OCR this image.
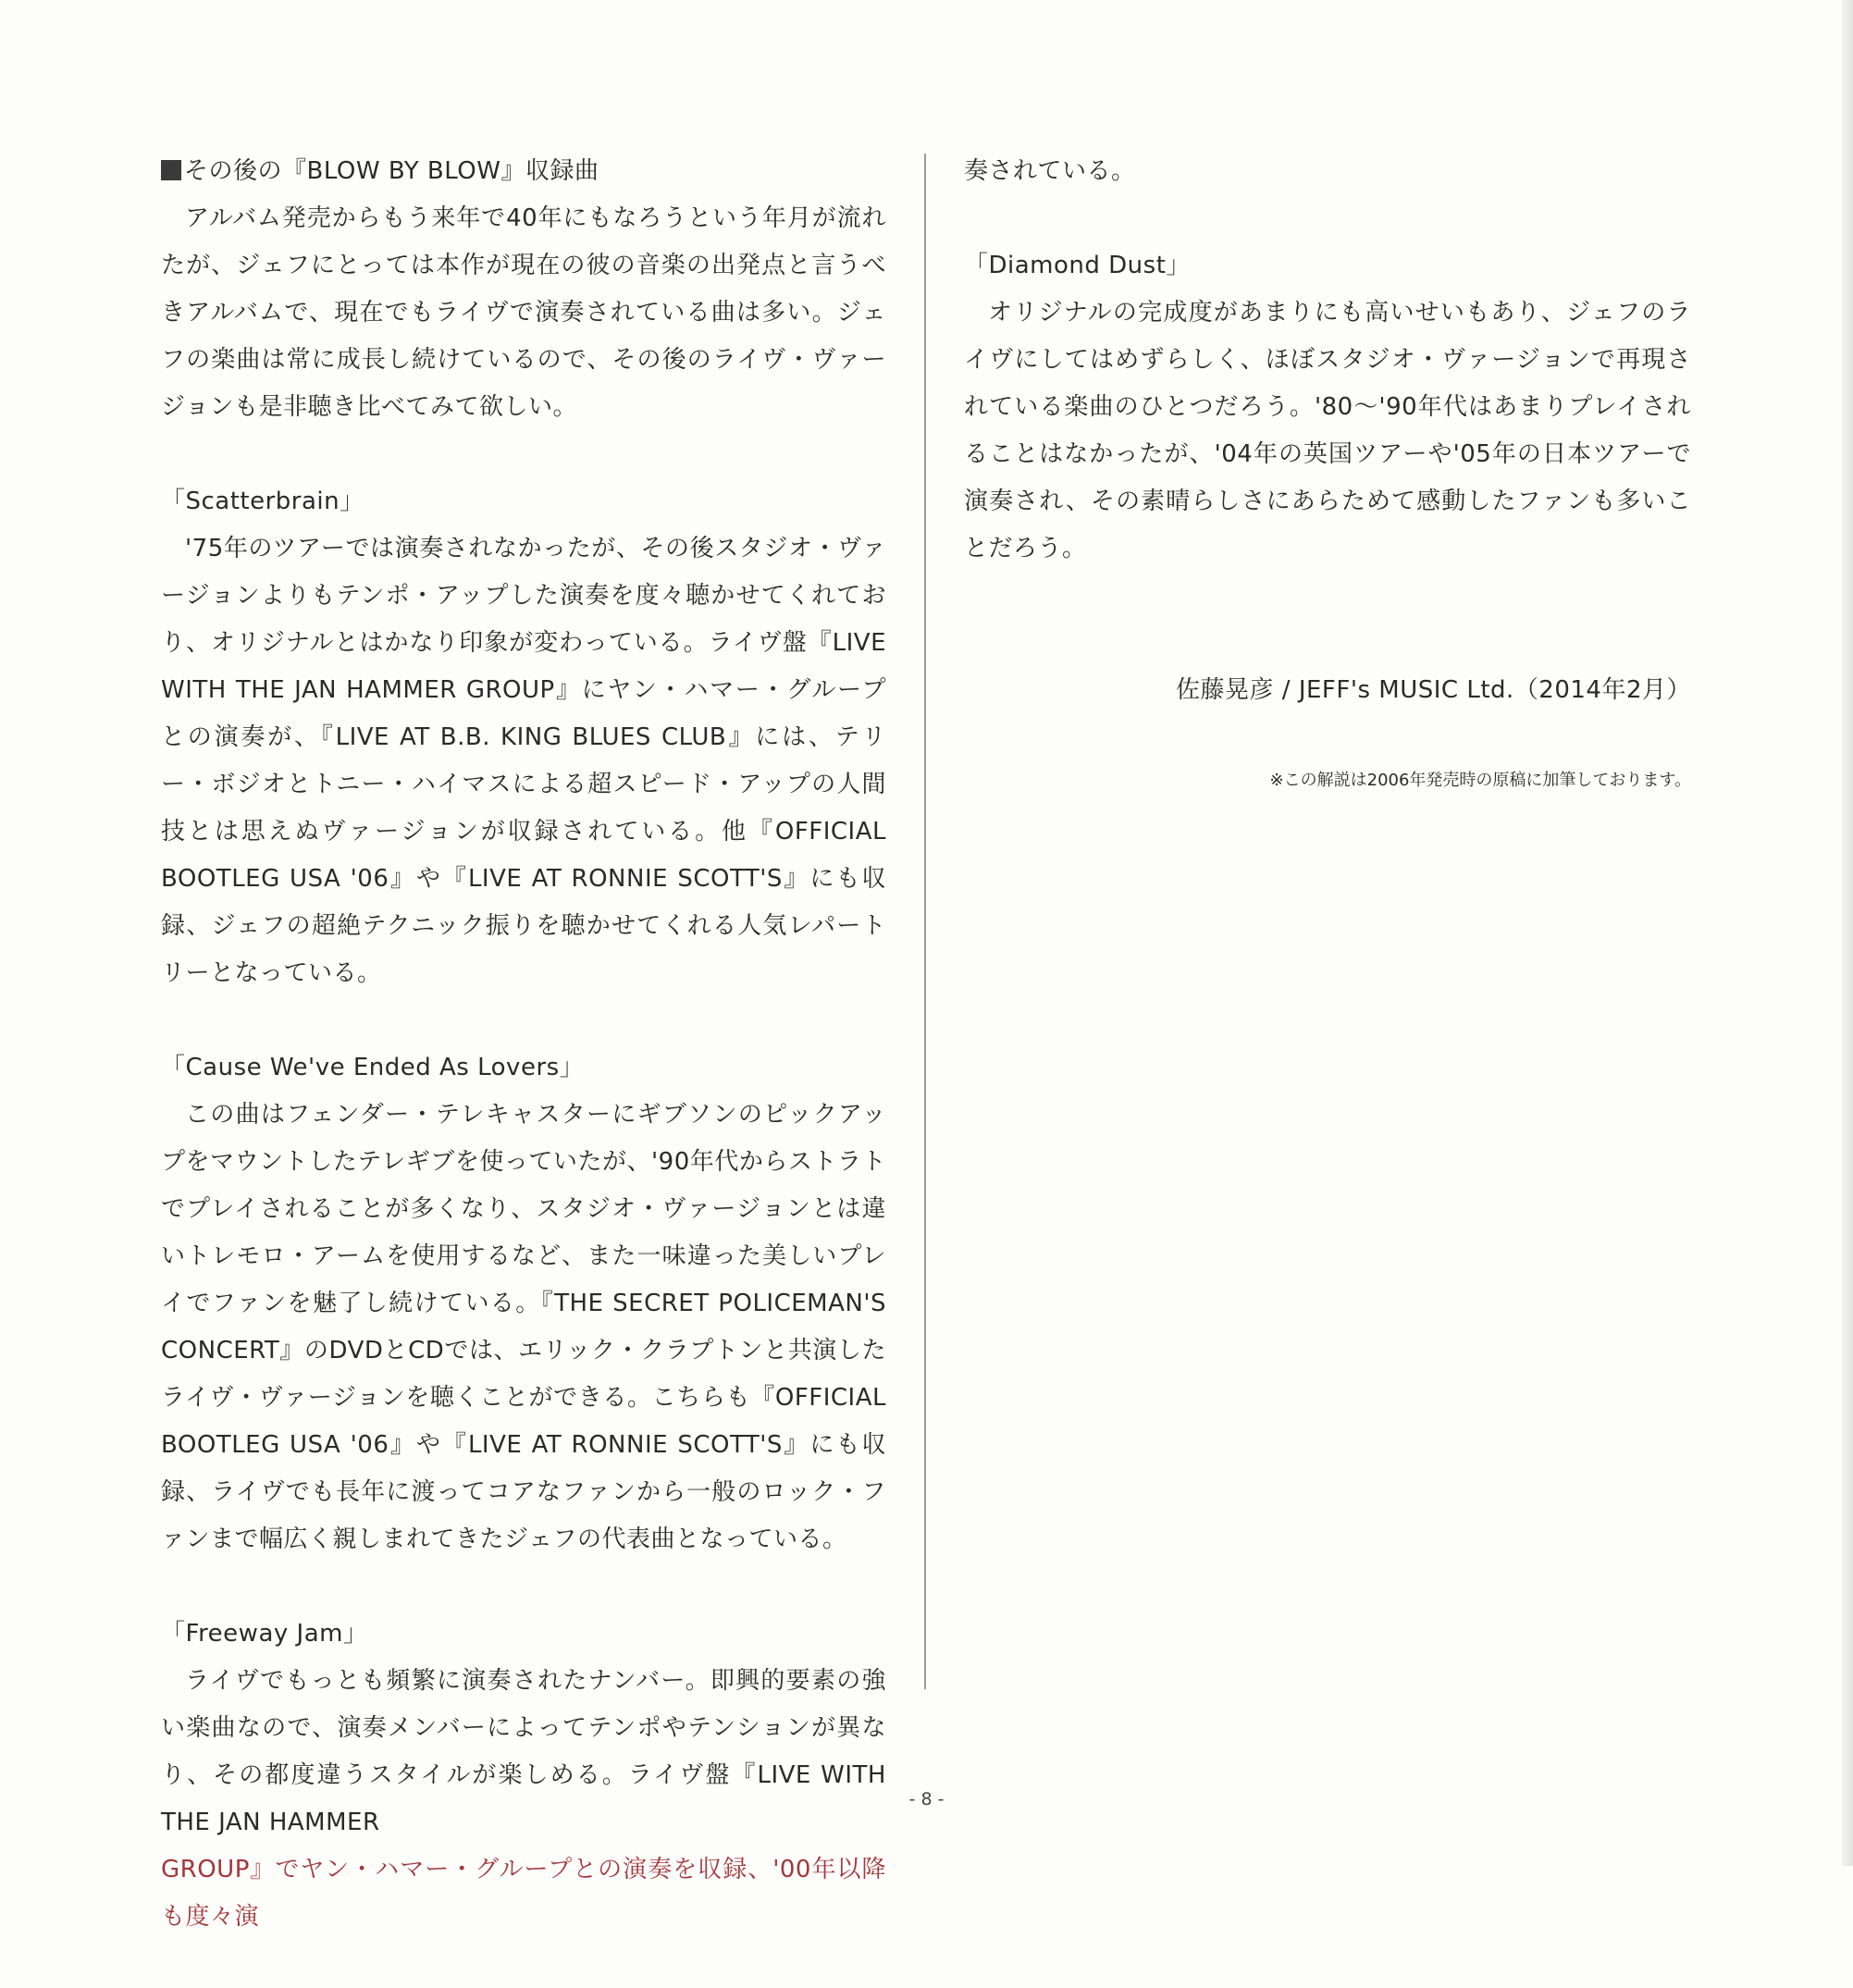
その後の『BLOW BY BLOW』収録曲

アルバム発売からもう来年で40年にもなろうという年月が流れたが、ジェフにとっては本作が現在の彼の音楽の出発点と言うべきアルバムで、現在でもライヴで演奏されている曲は多い。ジェフの楽曲は常に成長し続けているので、その後のライヴ・ヴァージョンも是非聴き比べてみて欲しい。

「Scatterbrain」

'75年のツアーでは演奏されなかったが、その後スタジオ・ヴァージョンよりもテンポ・アップした演奏を度々聴かせてくれており、オリジナルとはかなり印象が変わっている。ライヴ盤『LIVE WITH THE JAN HAMMER GROUP』にヤン・ハマー・グループとの演奏が、『LIVE AT B.B. KING BLUES CLUB』には、テリー・ボジオとトニー・ハイマスによる超スピード・アップの人間技とは思えぬヴァージョンが収録されている。他『OFFICIAL BOOTLEG USA '06』や『LIVE AT RONNIE SCOTT'S』にも収録、ジェフの超絶テクニック振りを聴かせてくれる人気レパートリーとなっている。

「Cause We've Ended As Lovers」

この曲はフェンダー・テレキャスターにギブソンのピックアップをマウントしたテレギブを使っていたが、'90年代からストラトでプレイされることが多くなり、スタジオ・ヴァージョンとは違いトレモロ・アームを使用するなど、また一味違った美しいプレイでファンを魅了し続けている。『THE SECRET POLICEMAN'S CONCERT』のDVDとCDでは、エリック・クラプトンと共演したライヴ・ヴァージョンを聴くことができる。こちらも『OFFICIAL BOOTLEG USA '06』や『LIVE AT RONNIE SCOTT'S』にも収録、ライヴでも長年に渡ってコアなファンから一般のロック・ファンまで幅広く親しまれてきたジェフの代表曲となっている。

「Freeway Jam」

ライヴでもっとも頻繁に演奏されたナンバー。即興的要素の強い楽曲なので、演奏メンバーによってテンポやテンションが異なり、その都度違うスタイルが楽しめる。ライヴ盤『LIVE WITH THE JAN HAMMER
GROUP』でヤン・ハマー・グループとの演奏を収録、'00年以降も度々演

奏されている。

「Diamond Dust」

オリジナルの完成度があまりにも高いせいもあり、ジェフのライヴにしてはめずらしく、ほぼスタジオ・ヴァージョンで再現されている楽曲のひとつだろう。'80〜'90年代はあまりプレイされることはなかったが、'04年の英国ツアーや'05年の日本ツアーで演奏され、その素晴らしさにあらためて感動したファンも多いことだろう。

佐藤晃彦 / JEFF's MUSIC Ltd.（2014年2月）
※この解説は2006年発売時の原稿に加筆しております。
- 8 -
